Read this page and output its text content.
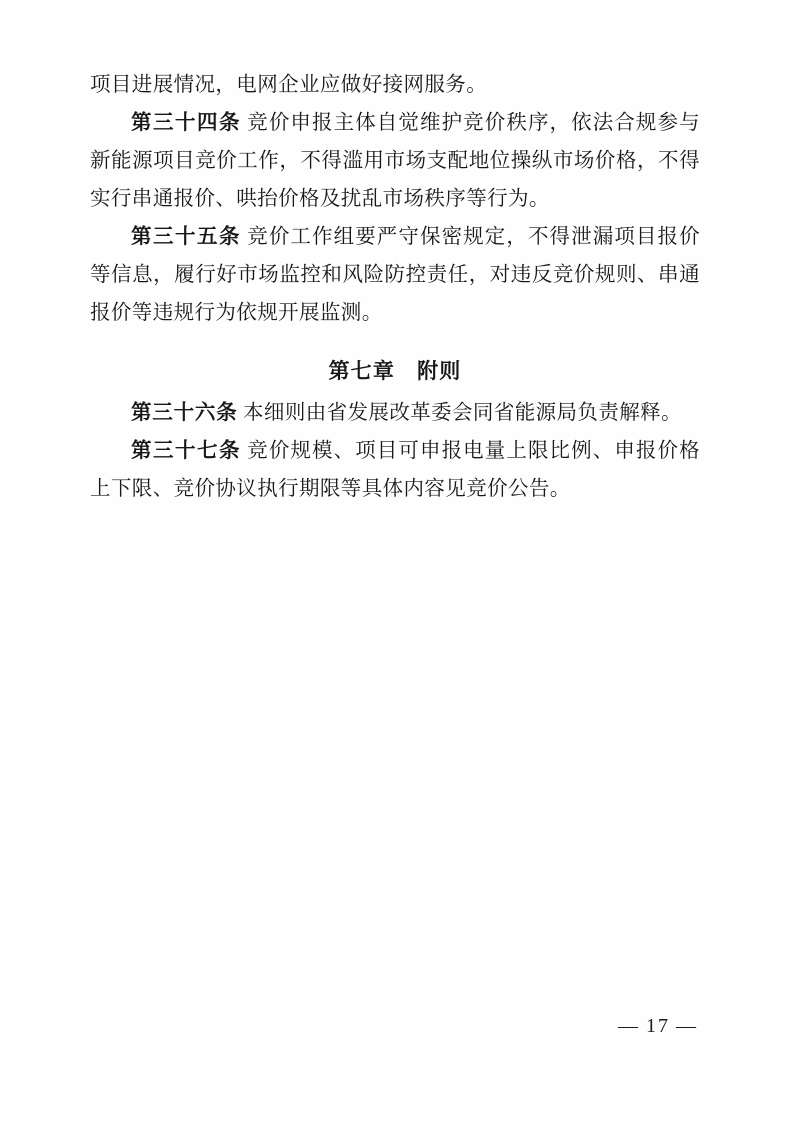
项目进展情况，电网企业应做好接网服务。

第三十四条 竞价申报主体自觉维护竞价秩序，依法合规参与新能源项目竞价工作，不得滥用市场支配地位操纵市场价格，不得实行串通报价、哄抬价格及扰乱市场秩序等行为。

第三十五条 竞价工作组要严守保密规定，不得泄漏项目报价等信息，履行好市场监控和风险防控责任，对违反竞价规则、串通报价等违规行为依规开展监测。

第七章 附则

第三十六条 本细则由省发展改革委会同省能源局负责解释。

第三十七条 竞价规模、项目可申报电量上限比例、申报价格上下限、竞价协议执行期限等具体内容见竞价公告。

— 17 —
